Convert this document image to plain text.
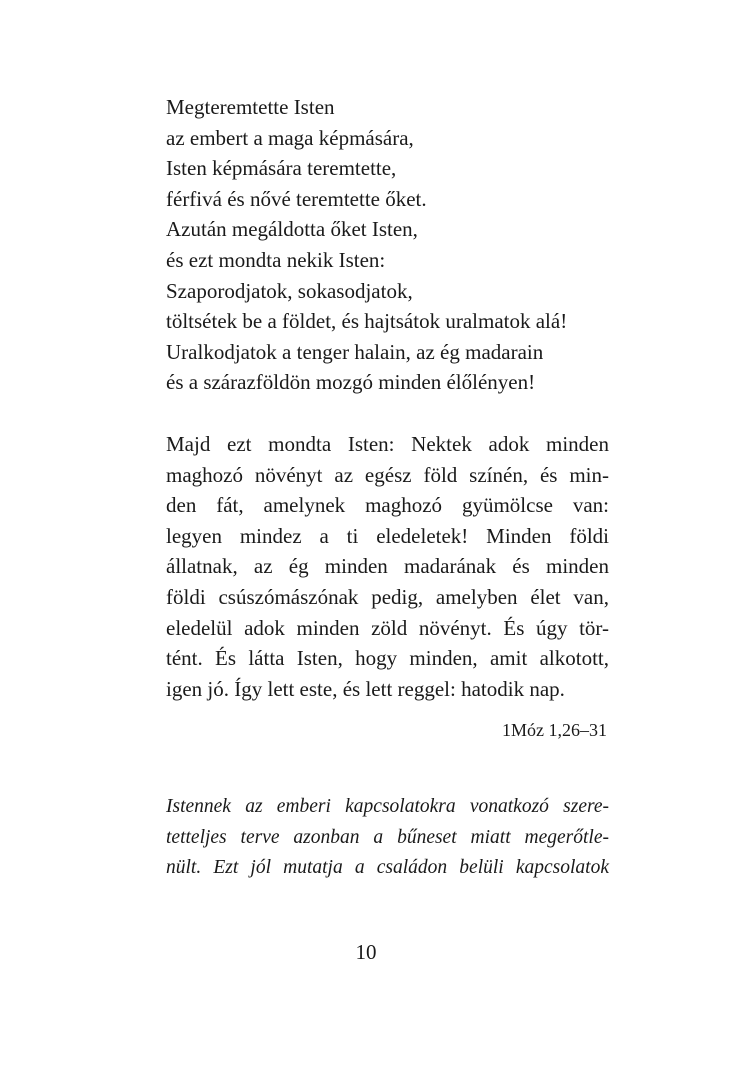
Megteremtette Isten
az embert a maga képmására,
Isten képmására teremtette,
férfivá és nővé teremtette őket.
Azután megáldotta őket Isten,
és ezt mondta nekik Isten:
Szaporodjatok, sokasodjatok,
töltsétek be a földet, és hajtsátok uralmatok alá!
Uralkodjatok a tenger halain, az ég madarain
és a szárazföldön mozgó minden élőlényen!
Majd ezt mondta Isten: Nektek adok minden
maghozó növényt az egész föld színén, és min-
den fát, amelynek maghozó gyümölcse van:
legyen mindez a ti eledeletek! Minden földi
állatnak, az ég minden madarának és minden
földi csúszómászónak pedig, amelyben élet van,
eledelül adok minden zöld növényt. És úgy tör-
tént. És látta Isten, hogy minden, amit alkotott,
igen jó. Így lett este, és lett reggel: hatodik nap.
1Móz 1,26–31
Istennek az emberi kapcsolatokra vonatkozó szere-
tetteljes terve azonban a bűneset miatt megerőtle-
nült. Ezt jól mutatja a családon belüli kapcsolatok
10
